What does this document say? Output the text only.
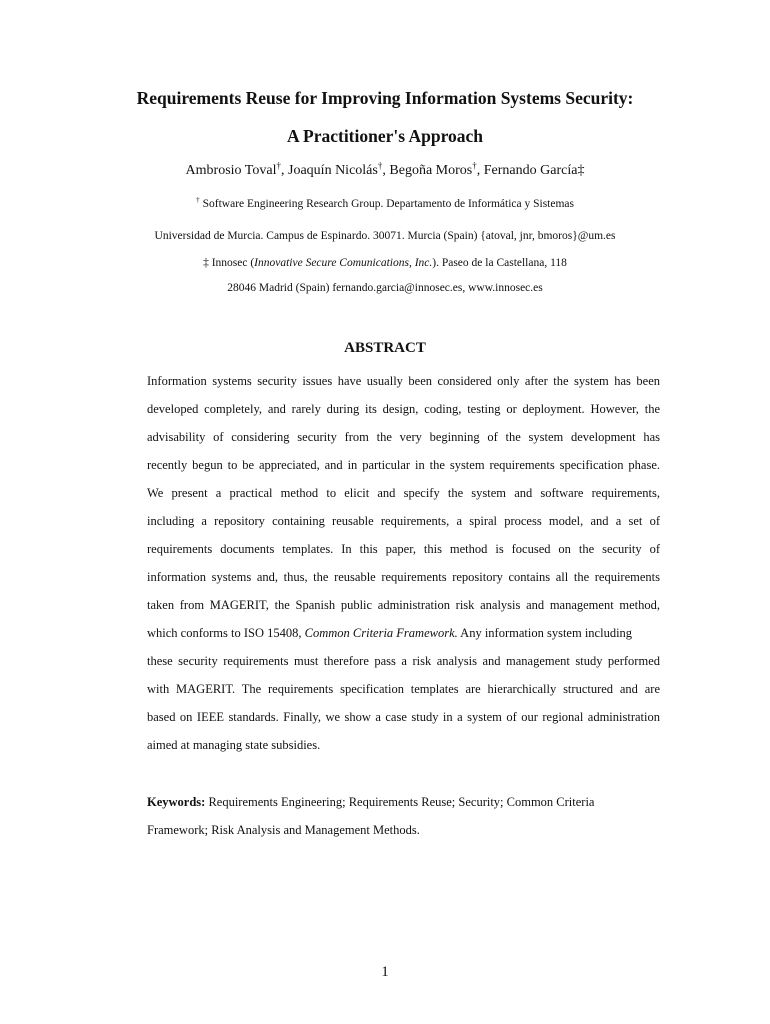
Requirements Reuse for Improving Information Systems Security:
A Practitioner's Approach
Ambrosio Toval†, Joaquín Nicolás†, Begoña Moros†, Fernando García‡
† Software Engineering Research Group. Departamento de Informática y Sistemas
Universidad de Murcia. Campus de Espinardo. 30071. Murcia (Spain) {atoval, jnr, bmoros}@um.es
‡ Innosec (Innovative Secure Comunications, Inc.). Paseo de la Castellana, 118
28046 Madrid (Spain) fernando.garcia@innosec.es, www.innosec.es
ABSTRACT
Information systems security issues have usually been considered only after the system has been
developed completely, and rarely during its design, coding, testing or deployment. However, the
advisability of considering security from the very beginning of the system development has
recently begun to be appreciated, and in particular in the system requirements specification phase.
We present a practical method to elicit and specify the system and software requirements,
including a repository containing reusable requirements, a spiral process model, and a set of
requirements documents templates. In this paper, this method is focused on the security of
information systems and, thus, the reusable requirements repository contains all the requirements
taken from MAGERIT, the Spanish public administration risk analysis and management method,
which conforms to ISO 15408, Common Criteria Framework. Any information system including
these security requirements must therefore pass a risk analysis and management study performed
with MAGERIT. The requirements specification templates are hierarchically structured and are
based on IEEE standards. Finally, we show a case study in a system of our regional administration
aimed at managing state subsidies.
Keywords: Requirements Engineering; Requirements Reuse; Security; Common Criteria
Framework; Risk Analysis and Management Methods.
1
